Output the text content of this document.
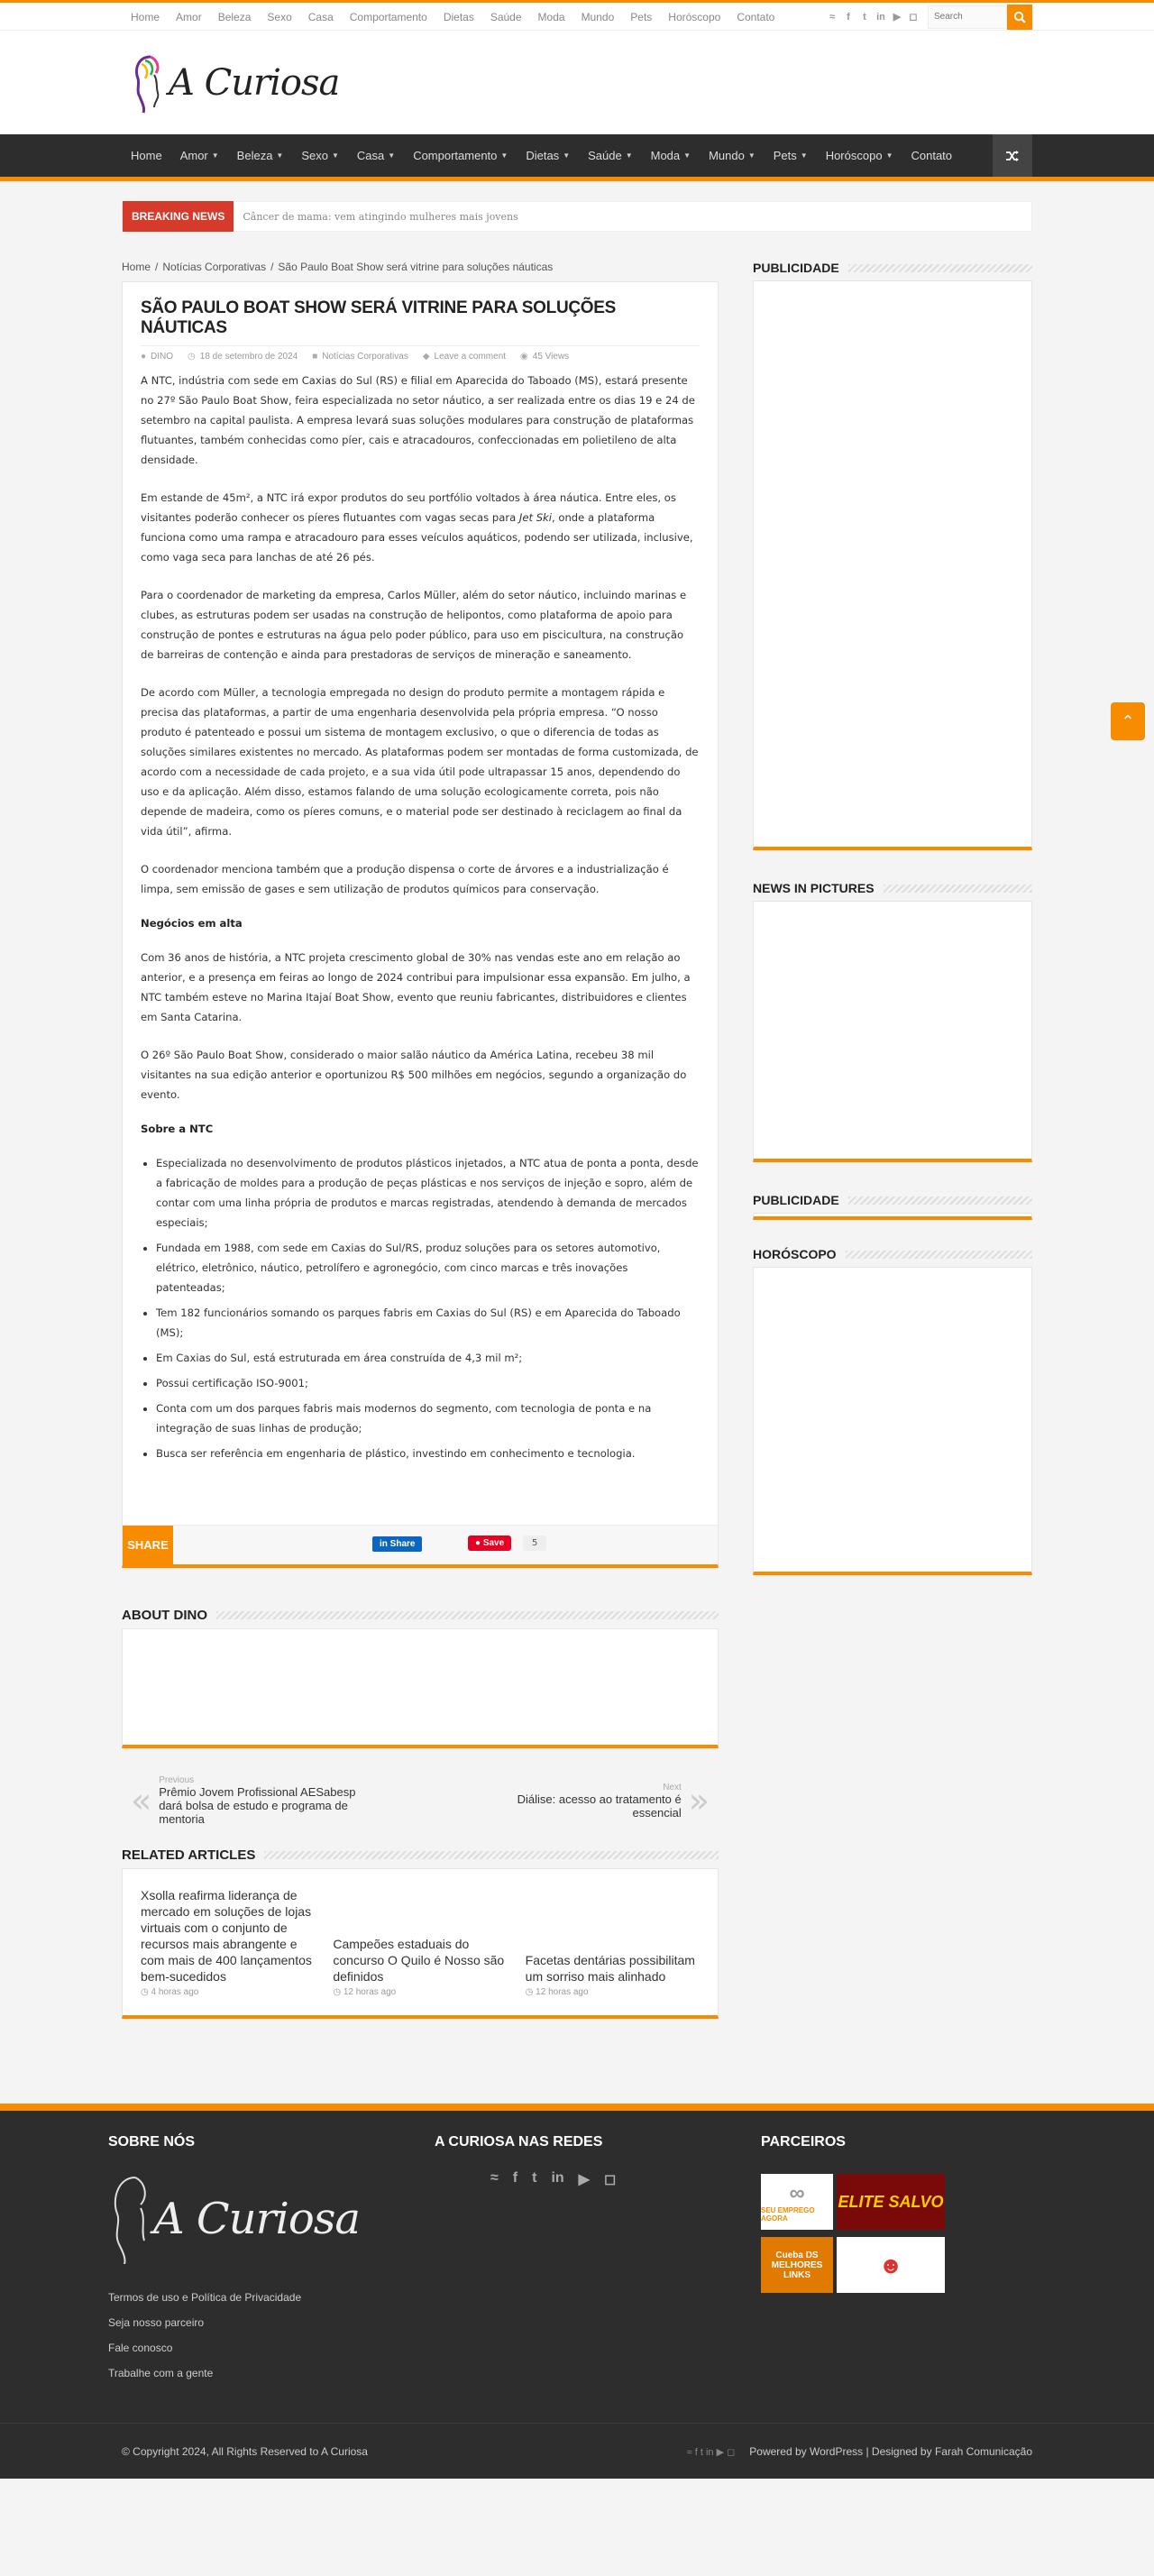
Home	Amor	Beleza	Sexo	Casa	Comportamento	Dietas	Saúde	Moda	Mundo	Pets	Horóscopo	Contato	≈	f	t	in ▶ ◻
Search
A Curiosa
Home Amor ▼ Beleza ▼ Sexo ▼ Casa ▼ Comportamento ▼ Dietas ▼ Saúde ▼ Moda ▼ Mundo ▼ Pets ▼ Horóscopo ▼ Contato
BREAKING NEWS	Câncer de mama: vem atingindo mulheres mais jovens
Home / Notícias Corporativas / São Paulo Boat Show será vitrine para soluções náuticas
SÃO PAULO BOAT SHOW SERÁ VITRINE PARA SOLUÇÕES NÁUTICAS
● DINO ◷ 18 de setembro de 2024 ■ Notícias Corporativas ◆ Leave a comment ◉ 45 Views

A NTC, indústria com sede em Caxias do Sul (RS) e filial em Aparecida do Taboado (MS), estará presente no 27º São Paulo Boat Show, feira especializada no setor náutico, a ser realizada entre os dias 19 e 24 de setembro na capital paulista. A empresa levará suas soluções modulares para construção de plataformas flutuantes, também conhecidas como píer, cais e atracadouros, confeccionadas em polietileno de alta densidade.

Em estande de 45m², a NTC irá expor produtos do seu portfólio voltados à área náutica. Entre eles, os visitantes poderão conhecer os píeres flutuantes com vagas secas para Jet Ski, onde a plataforma funciona como uma rampa e atracadouro para esses veículos aquáticos, podendo ser utilizada, inclusive, como vaga seca para lanchas de até 26 pés.

Para o coordenador de marketing da empresa, Carlos Müller, além do setor náutico, incluindo marinas e clubes, as estruturas podem ser usadas na construção de helipontos, como plataforma de apoio para construção de pontes e estruturas na água pelo poder público, para uso em piscicultura, na construção de barreiras de contenção e ainda para prestadoras de serviços de mineração e saneamento.

De acordo com Müller, a tecnologia empregada no design do produto permite a montagem rápida e precisa das plataformas, a partir de uma engenharia desenvolvida pela própria empresa. “O nosso produto é patenteado e possui um sistema de montagem exclusivo, o que o diferencia de todas as soluções similares existentes no mercado. As plataformas podem ser montadas de forma customizada, de acordo com a necessidade de cada projeto, e a sua vida útil pode ultrapassar 15 anos, dependendo do uso e da aplicação. Além disso, estamos falando de uma solução ecologicamente correta, pois não depende de madeira, como os píeres comuns, e o material pode ser destinado à reciclagem ao final da vida útil”, afirma.

O coordenador menciona também que a produção dispensa o corte de árvores e a industrialização é limpa, sem emissão de gases e sem utilização de produtos químicos para conservação.

Negócios em alta

Com 36 anos de história, a NTC projeta crescimento global de 30% nas vendas este ano em relação ao anterior, e a presença em feiras ao longo de 2024 contribui para impulsionar essa expansão. Em julho, a NTC também esteve no Marina Itajaí Boat Show, evento que reuniu fabricantes, distribuidores e clientes em Santa Catarina.

O 26º São Paulo Boat Show, considerado o maior salão náutico da América Latina, recebeu 38 mil visitantes na sua edição anterior e oportunizou R$ 500 milhões em negócios, segundo a organização do evento.

Sobre a NTC
• Especializada no desenvolvimento de produtos plásticos injetados, a NTC atua de ponta a ponta, desde a fabricação de moldes para a produção de peças plásticas e nos serviços de injeção e sopro, além de contar com uma linha própria de produtos e marcas registradas, atendendo à demanda de mercados especiais;
• Fundada em 1988, com sede em Caxias do Sul/RS, produz soluções para os setores automotivo, elétrico, eletrônico, náutico, petrolífero e agronegócio, com cinco marcas e três inovações patenteadas;
• Tem 182 funcionários somando os parques fabris em Caxias do Sul (RS) e em Aparecida do Taboado (MS);
• Em Caxias do Sul, está estruturada em área construída de 4,3 mil m²;
• Possui certificação ISO-9001;
• Conta com um dos parques fabris mais modernos do segmento, com tecnologia de ponta e na integração de suas linhas de produção;
• Busca ser referência em engenharia de plástico, investindo em conhecimento e tecnologia.
SHARE	in Share	● Save	5
ABOUT DINO
«
Previous
Prêmio Jovem Profissional AESabesp dará bolsa de estudo e programa de mentoria
Next
Diálise: acesso ao tratamento é essencial »
RELATED ARTICLES
Xsolla reafirma liderança de mercado em soluções de lojas virtuais com o conjunto de recursos mais abrangente e com mais de 400 lançamentos bem-sucedidos
◷ 4 horas ago
Campeões estaduais do concurso O Quilo é Nosso são definidos
◷ 12 horas ago
Facetas dentárias possibilitam um sorriso mais alinhado
◷ 12 horas ago
PUBLICIDADE
NEWS IN PICTURES
PUBLICIDADE
HORÓSCOPO
⌃
SOBRE NÓS
A Curiosa
Termos de uso e Política de Privacidade
Seja nosso parceiro
Fale conosco
Trabalhe com a gente
A CURIOSA NAS REDES
≈ f t in ▶ ◻
PARCEIROS
∞
SEU EMPREGO AGORA
ELITE SALVO
Cueba DS MELHORES LINKS	☻
© Copyright 2024, All Rights Reserved to A Curiosa	≈ f t in ▶ ◻ Powered by WordPress | Designed by Farah Comunicação
